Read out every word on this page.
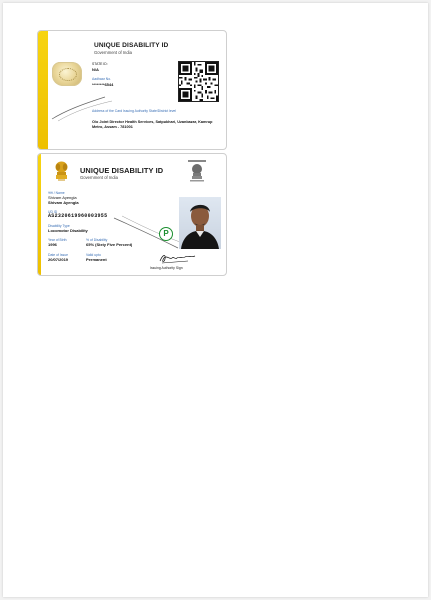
UNIQUE DISABILITY ID
Government of India
STATE ID:
N/A
Aadhaar No.
********6544
Address of the Card Issuing Authority State/District level
O/o Joint Director Health Services, Satpukhari, Uzanbazar, Kamrup Metro, Assam - 781001
UNIQUE DISABILITY ID
Government of India
नाम / Name
Shivam Ayengla
Shivam Ayengla
UD ID
AS2320619960003955
Disability Type
Locomotor Disability
Year of Birth
1996
% of Disability
65% (Sixty Five Percent)
Date of Issue
20/07/2019
Valid upto
Permanent
P
Issuing Authority Sign
